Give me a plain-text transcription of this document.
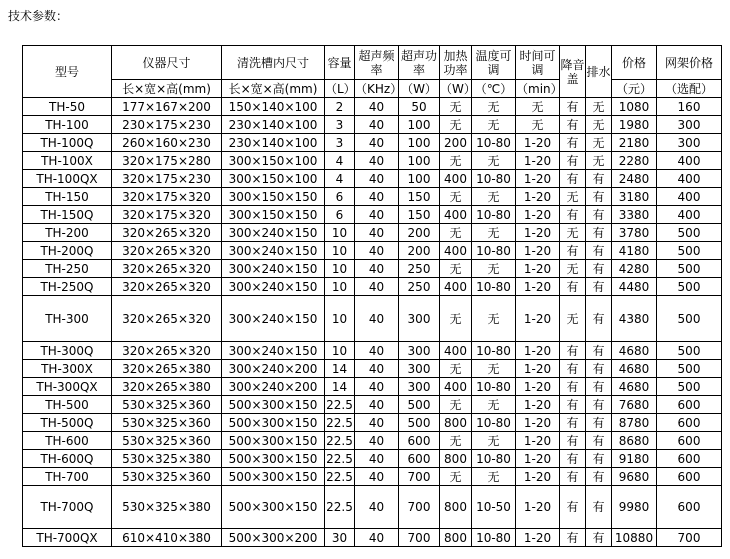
技术参数：
型号	仪器尺寸	清洗槽内尺寸	容量	超声频率	超声功率	加热功率	温度可调	时间可调	降音盖	排水	价格	网架价格
	长×宽×高(mm)	长×宽×高(mm)	（L）	（KHz）	（W）	（W）	（℃）	（min）			（元）	（选配）
TH-50	177×167×200	150×140×100	2	40	50	无	无	无	有	无	1080	160
TH-100	230×175×230	230×140×100	3	40	100	无	无	无	有	无	1980	300
TH-100Q	260×160×230	230×140×100	3	40	100	200	10-80	1-20	有	无	2180	300
TH-100X	320×175×280	300×150×100	4	40	100	无	无	1-20	有	无	2280	400
TH-100QX	320×175×230	300×150×100	4	40	100	400	10-80	1-20	有	有	2480	400
TH-150	320×175×320	300×150×150	6	40	150	无	无	1-20	无	有	3180	400
TH-150Q	320×175×320	300×150×150	6	40	150	400	10-80	1-20	有	有	3380	400
TH-200	320×265×320	300×240×150	10	40	200	无	无	1-20	无	有	3780	500
TH-200Q	320×265×320	300×240×150	10	40	200	400	10-80	1-20	有	有	4180	500
TH-250	320×265×320	300×240×150	10	40	250	无	无	1-20	无	有	4280	500
TH-250Q	320×265×320	300×240×150	10	40	250	400	10-80	1-20	有	有	4480	500
TH-300	320×265×320	300×240×150	10	40	300	无	无	1-20	无	有	4380	500
TH-300Q	320×265×320	300×240×150	10	40	300	400	10-80	1-20	有	有	4680	500
TH-300X	320×265×380	300×240×200	14	40	300	无	无	1-20	有	有	4680	500
TH-300QX	320×265×380	300×240×200	14	40	300	400	10-80	1-20	有	有	4680	500
TH-500	530×325×360	500×300×150	22.5	40	500	无	无	1-20	有	有	7680	600
TH-500Q	530×325×360	500×300×150	22.5	40	500	800	10-80	1-20	有	有	8780	600
TH-600	530×325×360	500×300×150	22.5	40	600	无	无	1-20	有	有	8680	600
TH-600Q	530×325×380	500×300×150	22.5	40	600	800	10-80	1-20	有	有	9180	600
TH-700	530×325×360	500×300×150	22.5	40	700	无	无	1-20	有	有	9680	600
TH-700Q	530×325×380	500×300×150	22.5	40	700	800	10-50	1-20	有	有	9980	600
TH-700QX	610×410×380	500×300×200	30	40	700	800	10-80	1-20	有	有	10880	700
